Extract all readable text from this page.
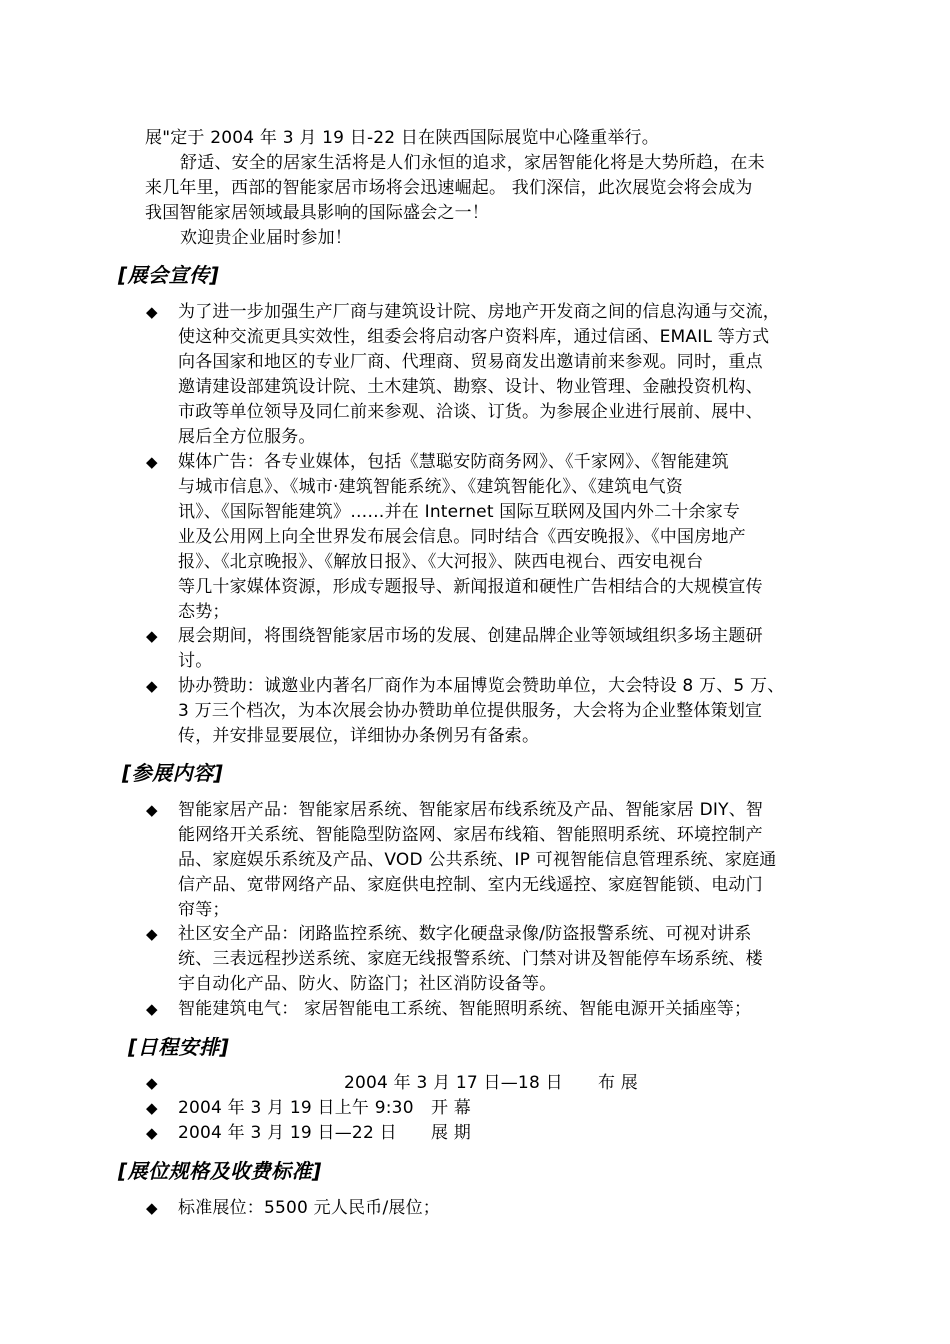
展"定于 2004 年 3 月 19 日-22 日在陕西国际展览中心隆重举行。
舒适、安全的居家生活将是人们永恒的追求，家居智能化将是大势所趋，在未
来几年里，西部的智能家居市场将会迅速崛起。 我们深信，此次展览会将会成为
我国智能家居领域最具影响的国际盛会之一！
欢迎贵企业届时参加！
[展会宣传]
◆ 为了进一步加强生产厂商与建筑设计院、房地产开发商之间的信息沟通与交流，
使这种交流更具实效性，组委会将启动客户资料库，通过信函、EMAIL 等方式
向各国家和地区的专业厂商、代理商、贸易商发出邀请前来参观。同时，重点
邀请建设部建筑设计院、土木建筑、勘察、设计、物业管理、金融投资机构、
市政等单位领导及同仁前来参观、洽谈、订货。为参展企业进行展前、展中、
展后全方位服务。
◆ 媒体广告：各专业媒体，包括《慧聪安防商务网》、《千家网》、《智能建筑
与城市信息》、《城市·建筑智能系统》、《建筑智能化》、《建筑电气资
讯》、《国际智能建筑》……并在 Internet 国际互联网及国内外二十余家专
业及公用网上向全世界发布展会信息。同时结合《西安晚报》、《中国房地产
报》、《北京晚报》、《解放日报》、《大河报》、陕西电视台、西安电视台
等几十家媒体资源，形成专题报导、新闻报道和硬性广告相结合的大规模宣传
态势；
◆ 展会期间，将围绕智能家居市场的发展、创建品牌企业等领域组织多场主题研
讨。
◆ 协办赞助：诚邀业内著名厂商作为本届博览会赞助单位，大会特设 8 万、5 万、
3 万三个档次，为本次展会协办赞助单位提供服务，大会将为企业整体策划宣
传，并安排显要展位，详细协办条例另有备索。
[参展内容]
◆ 智能家居产品：智能家居系统、智能家居布线系统及产品、智能家居 DIY、智
能网络开关系统、智能隐型防盗网、家居布线箱、智能照明系统、环境控制产
品、家庭娱乐系统及产品、VOD 公共系统、IP 可视智能信息管理系统、家庭通
信产品、宽带网络产品、家庭供电控制、室内无线遥控、家庭智能锁、电动门
帘等；
◆ 社区安全产品：闭路监控系统、数字化硬盘录像/防盗报警系统、可视对讲系
统、三表远程抄送系统、家庭无线报警系统、门禁对讲及智能停车场系统、楼
宇自动化产品、防火、防盗门；社区消防设备等。
◆ 智能建筑电气： 家居智能电工系统、智能照明系统、智能电源开关插座等；
[日程安排]
◆	2004 年 3 月 17 日—18 日 布 展
◆ 2004 年 3 月 19 日上午 9:30 开 幕
◆ 2004 年 3 月 19 日—22 日 展 期
[展位规格及收费标准]
◆ 标准展位：5500 元人民币/展位；
